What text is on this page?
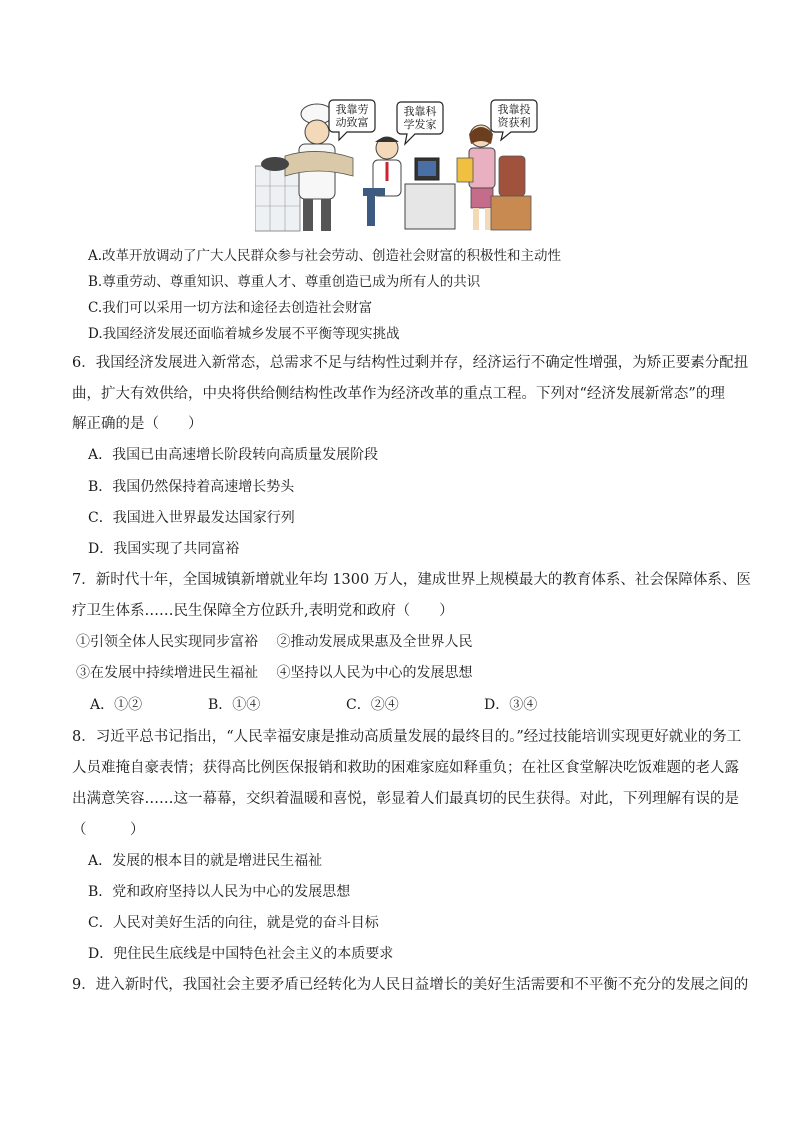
我靠劳
动致富
我靠科
学发家
我靠投
资获利
A.改革开放调动了广大人民群众参与社会劳动、创造社会财富的积极性和主动性
B.尊重劳动、尊重知识、尊重人才、尊重创造已成为所有人的共识
C.我们可以采用一切方法和途径去创造社会财富
D.我国经济发展还面临着城乡发展不平衡等现实挑战
6．我国经济发展进入新常态，总需求不足与结构性过剩并存，经济运行不确定性增强，为矫正要素分配扭
曲，扩大有效供给，中央将供给侧结构性改革作为经济改革的重点工程。下列对“经济发展新常态”的理
解正确的是（　　）
A．我国已由高速增长阶段转向高质量发展阶段
B．我国仍然保持着高速增长势头
C．我国进入世界最发达国家行列
D．我国实现了共同富裕
7．新时代十年，全国城镇新增就业年均 1300 万人，建成世界上规模最大的教育体系、社会保障体系、医
疗卫生体系……民生保障全方位跃升,表明党和政府（　　）
①引领全体人民实现同步富裕　 ②推动发展成果惠及全世界人民
③在发展中持续增进民生福祉　 ④坚持以人民为中心的发展思想
A．①②	B．①④	C．②④	D．③④
8．习近平总书记指出，“人民幸福安康是推动高质量发展的最终目的。”经过技能培训实现更好就业的务工
人员难掩自豪表情；获得高比例医保报销和救助的困难家庭如释重负；在社区食堂解决吃饭难题的老人露
出满意笑容……这一幕幕，交织着温暖和喜悦，彰显着人们最真切的民生获得。对此，下列理解有误的是
（　　　）
A．发展的根本目的就是增进民生福祉
B．党和政府坚持以人民为中心的发展思想
C．人民对美好生活的向往，就是党的奋斗目标
D．兜住民生底线是中国特色社会主义的本质要求
9．进入新时代，我国社会主要矛盾已经转化为人民日益增长的美好生活需要和不平衡不充分的发展之间的
